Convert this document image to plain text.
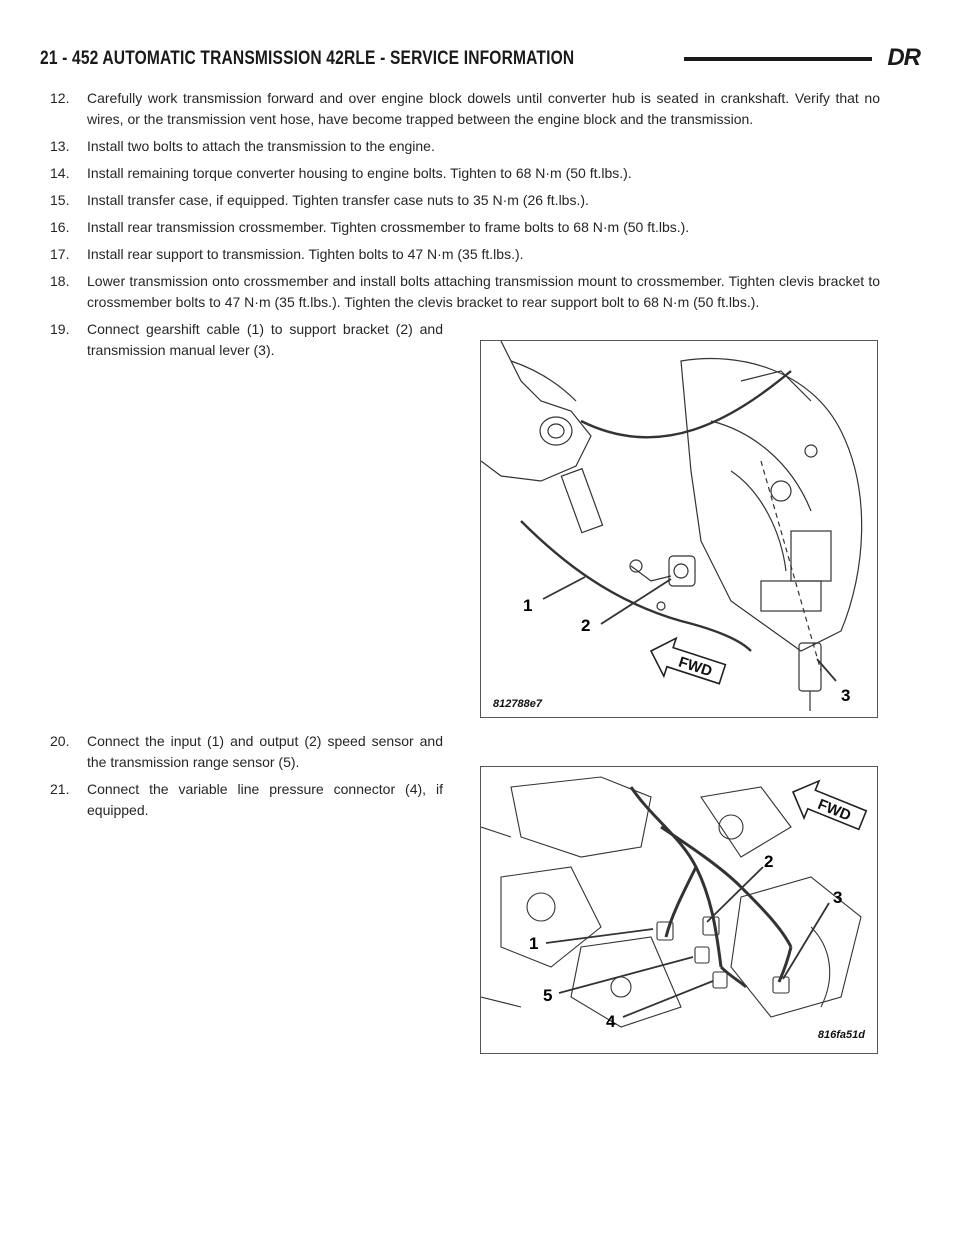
21 - 452 AUTOMATIC TRANSMISSION 42RLE - SERVICE INFORMATION	DR
12. Carefully work transmission forward and over engine block dowels until converter hub is seated in crankshaft. Verify that no wires, or the transmission vent hose, have become trapped between the engine block and the transmission.
13. Install two bolts to attach the transmission to the engine.
14. Install remaining torque converter housing to engine bolts. Tighten to 68 N·m (50 ft.lbs.).
15. Install transfer case, if equipped. Tighten transfer case nuts to 35 N·m (26 ft.lbs.).
16. Install rear transmission crossmember. Tighten crossmember to frame bolts to 68 N·m (50 ft.lbs.).
17. Install rear support to transmission. Tighten bolts to 47 N·m (35 ft.lbs.).
18. Lower transmission onto crossmember and install bolts attaching transmission mount to crossmember. Tighten clevis bracket to crossmember bolts to 47 N·m (35 ft.lbs.). Tighten the clevis bracket to rear support bolt to 68 N·m (50 ft.lbs.).
19. Connect gearshift cable (1) to support bracket (2) and transmission manual lever (3).
20. Connect the input (1) and output (2) speed sensor and the transmission range sensor (5).
21. Connect the variable line pressure connector (4), if equipped.
FWD
1
2
3
812788e7
FWD
1
2
3
4
5
816fa51d
